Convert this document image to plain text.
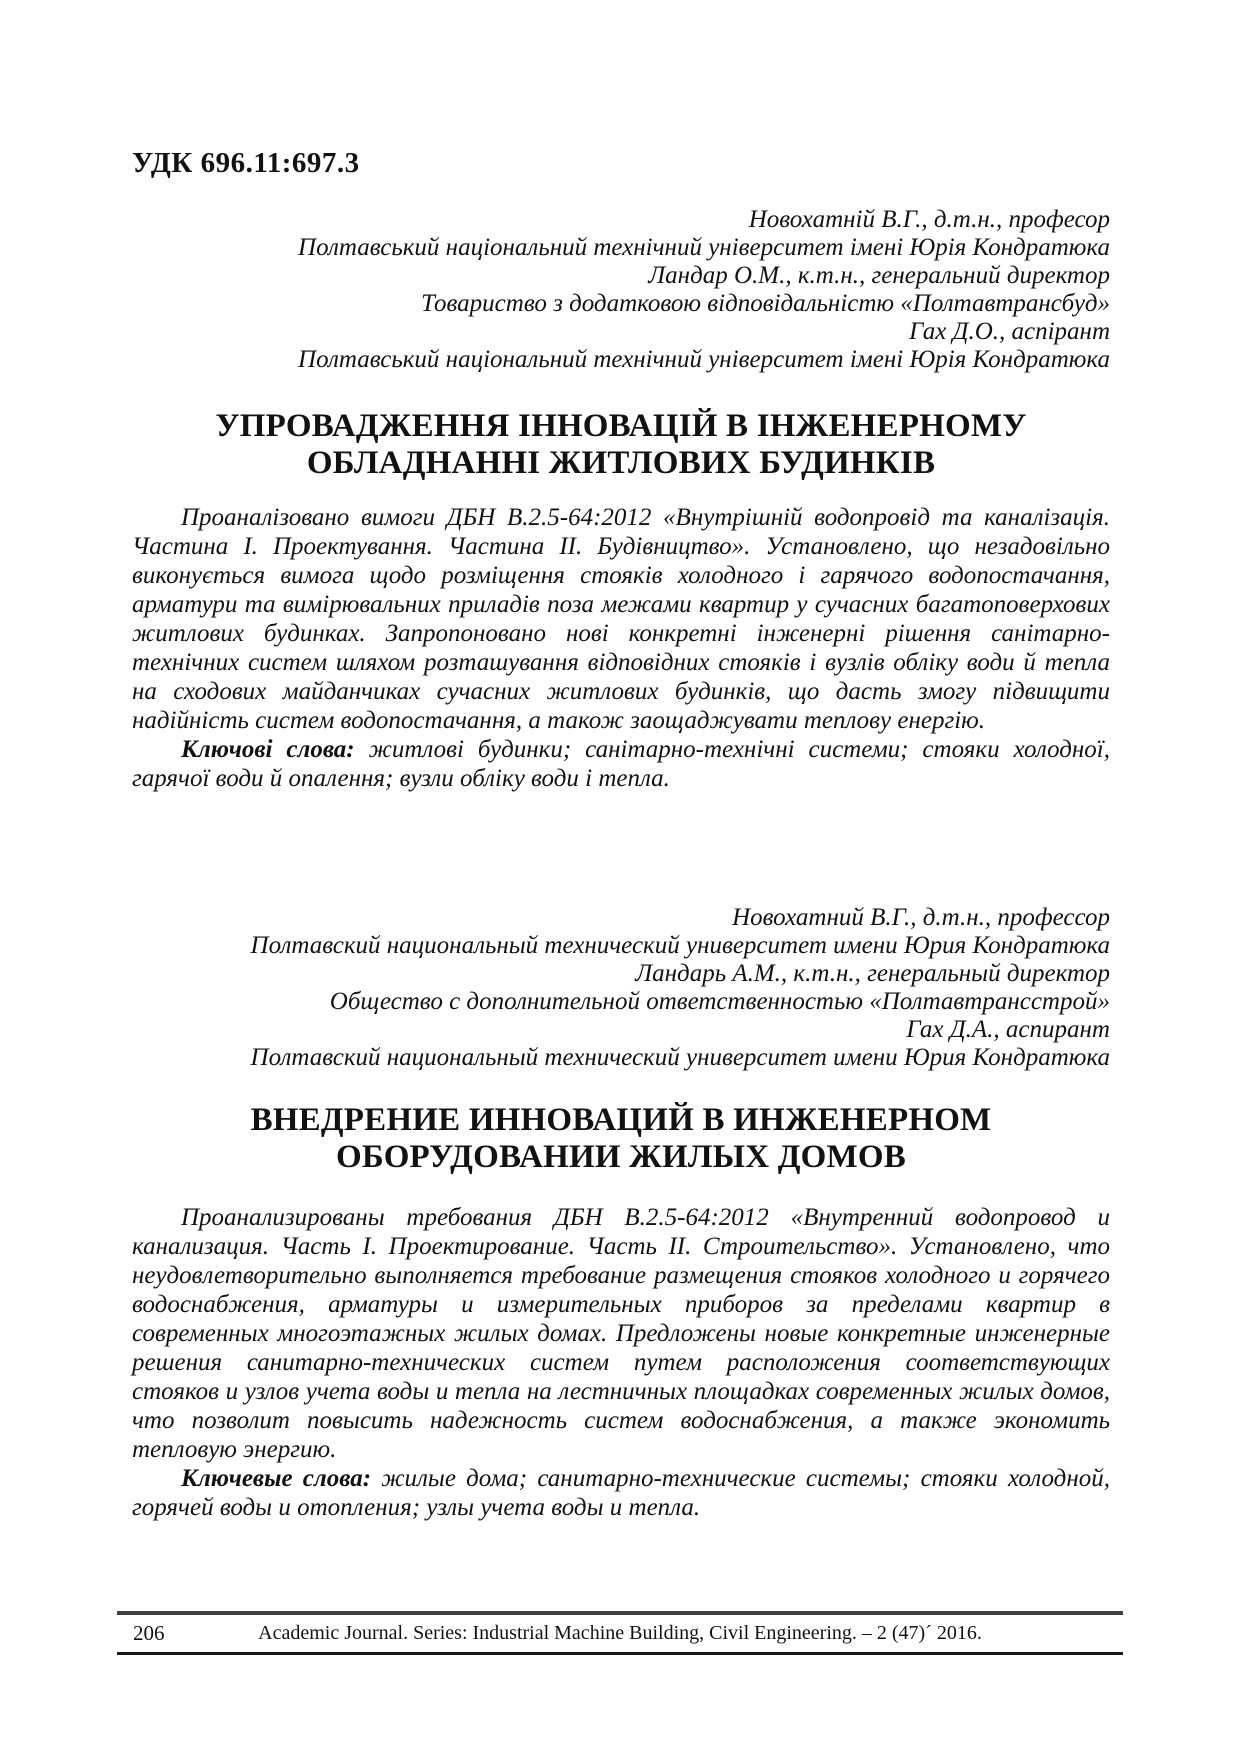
УДК 696.11:697.3

Новохатній В.Г., д.т.н., професор
Полтавський національний технічний університет імені Юрія Кондратюка
Ландар О.М., к.т.н., генеральний директор
Товариство з додатковою відповідальністю «Полтавтрансбуд»
Гах Д.О., аспірант
Полтавський національний технічний університет імені Юрія Кондратюка
УПРОВАДЖЕННЯ ІННОВАЦІЙ В ІНЖЕНЕРНОМУ
ОБЛАДНАННІ ЖИТЛОВИХ БУДИНКІВ

Проаналізовано вимоги ДБН В.2.5-64:2012 «Внутрішній водопровід та каналізація. Частина І. Проектування. Частина ІІ. Будівництво». Установлено, що незадовільно виконується вимога щодо розміщення стояків холодного і гарячого водопостачання, арматури та вимірювальних приладів поза межами квартир у сучасних багатоповерхових житлових будинках. Запропоновано нові конкретні інженерні рішення санітарно-технічних систем шляхом розташування відповідних стояків і вузлів обліку води й тепла на сходових майданчиках сучасних житлових будинків, що дасть змогу підвищити надійність систем водопостачання, а також заощаджувати теплову енергію.

Ключові слова: житлові будинки; санітарно-технічні системи; стояки холодної, гарячої води й опалення; вузли обліку води і тепла.

Новохатний В.Г., д.т.н., профессор
Полтавский национальный технический университет имени Юрия Кондратюка
Ландарь А.М., к.т.н., генеральный директор
Общество с дополнительной ответственностью «Полтавтрансстрой»
Гах Д.А., аспирант
Полтавский национальный технический университет имени Юрия Кондратюка
ВНЕДРЕНИЕ ИННОВАЦИЙ В ИНЖЕНЕРНОМ
ОБОРУДОВАНИИ ЖИЛЫХ ДОМОВ

Проанализированы требования ДБН В.2.5-64:2012 «Внутренний водопровод и канализация. Часть І. Проектирование. Часть ІІ. Строительство». Установлено, что неудовлетворительно выполняется требование размещения стояков холодного и горячего водоснабжения, арматуры и измерительных приборов за пределами квартир в современных многоэтажных жилых домах. Предложены новые конкретные инженерные решения санитарно-технических систем путем расположения соответствующих стояков и узлов учета воды и тепла на лестничных площадках современных жилых домов, что позволит повысить надежность систем водоснабжения, а также экономить тепловую энергию.

Ключевые слова: жилые дома; санитарно-технические системы; стояки холодной, горячей воды и отопления; узлы учета воды и тепла.

206	Academic Journal. Series: Industrial Machine Building, Civil Engineering. – 2 (47)´ 2016.
